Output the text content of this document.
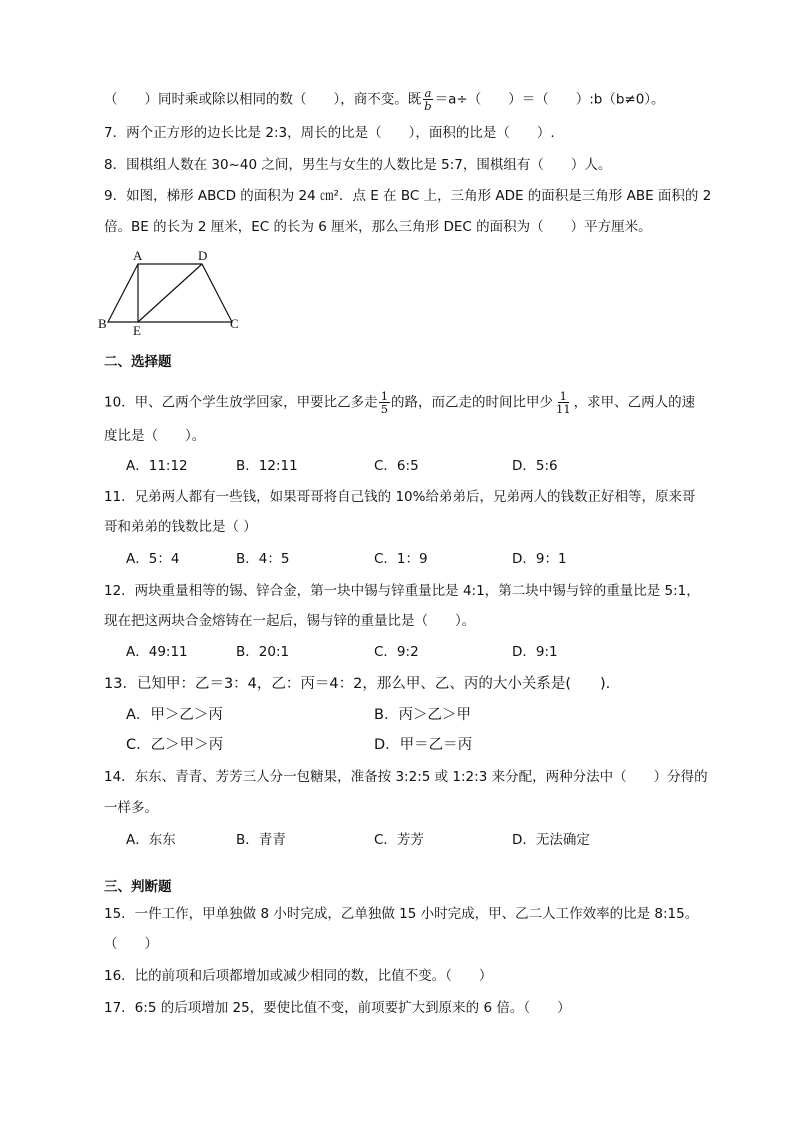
（　　）同时乘或除以相同的数（　　），商不变。既 $\frac{a}{b} =a\div$（　　）＝（　　）:b（b≠0）。
7．两个正方形的边长比是 2:3，周长的比是（　　），面积的比是（　　）.
8．围棋组人数在 30~40 之间，男生与女生的人数比是 5:7，围棋组有（　　）人。
9．如图，梯形 ABCD 的面积为 24 ㎝²．点 E 在 BC 上，三角形 ADE 的面积是三角形 ABE 面积的 2
倍。BE 的长为 2 厘米，EC 的长为 6 厘米，那么三角形 DEC 的面积为（　　）平方厘米。
A	D
B E	C
二、选择题
10．甲、乙两个学生放学回家，甲要比乙多走 $\frac{1}{5}$ 的路，而乙走的时间比甲少 $\frac{1}{11}$ ，求甲、乙两人的速
度比是（　　）。
A．11:12	B．12:11	C．6:5	D．5:6
11．兄弟两人都有一些钱，如果哥哥将自己钱的 10%给弟弟后，兄弟两人的钱数正好相等，原来哥
哥和弟弟的钱数比是（ ）
A．5：4	B．4：5	C．1：9	D．9：1
12．两块重量相等的锡、锌合金，第一块中锡与锌重量比是 4:1，第二块中锡与锌的重量比是 5:1，
现在把这两块合金熔铸在一起后，锡与锌的重量比是（　　）。
A．49:11	B．20:1	C．9:2	D．9:1
13．已知甲：乙＝3：4，乙：丙＝4：2，那么甲、乙、丙的大小关系是(　　).
A．甲＞乙＞丙	B．丙＞乙＞甲
C．乙＞甲＞丙	D．甲＝乙＝丙
14．东东、青青、芳芳三人分一包糖果，准备按 3:2:5 或 1:2:3 来分配，两种分法中（　　）分得的
一样多。
A．东东	B．青青	C．芳芳	D．无法确定
三、判断题
15．一件工作，甲单独做 8 小时完成，乙单独做 15 小时完成，甲、乙二人工作效率的比是 8:15。
（　　）
16．比的前项和后项都增加或减少相同的数，比值不变。（　　）
17．6:5 的后项增加 25，要使比值不变，前项要扩大到原来的 6 倍。（　　）
